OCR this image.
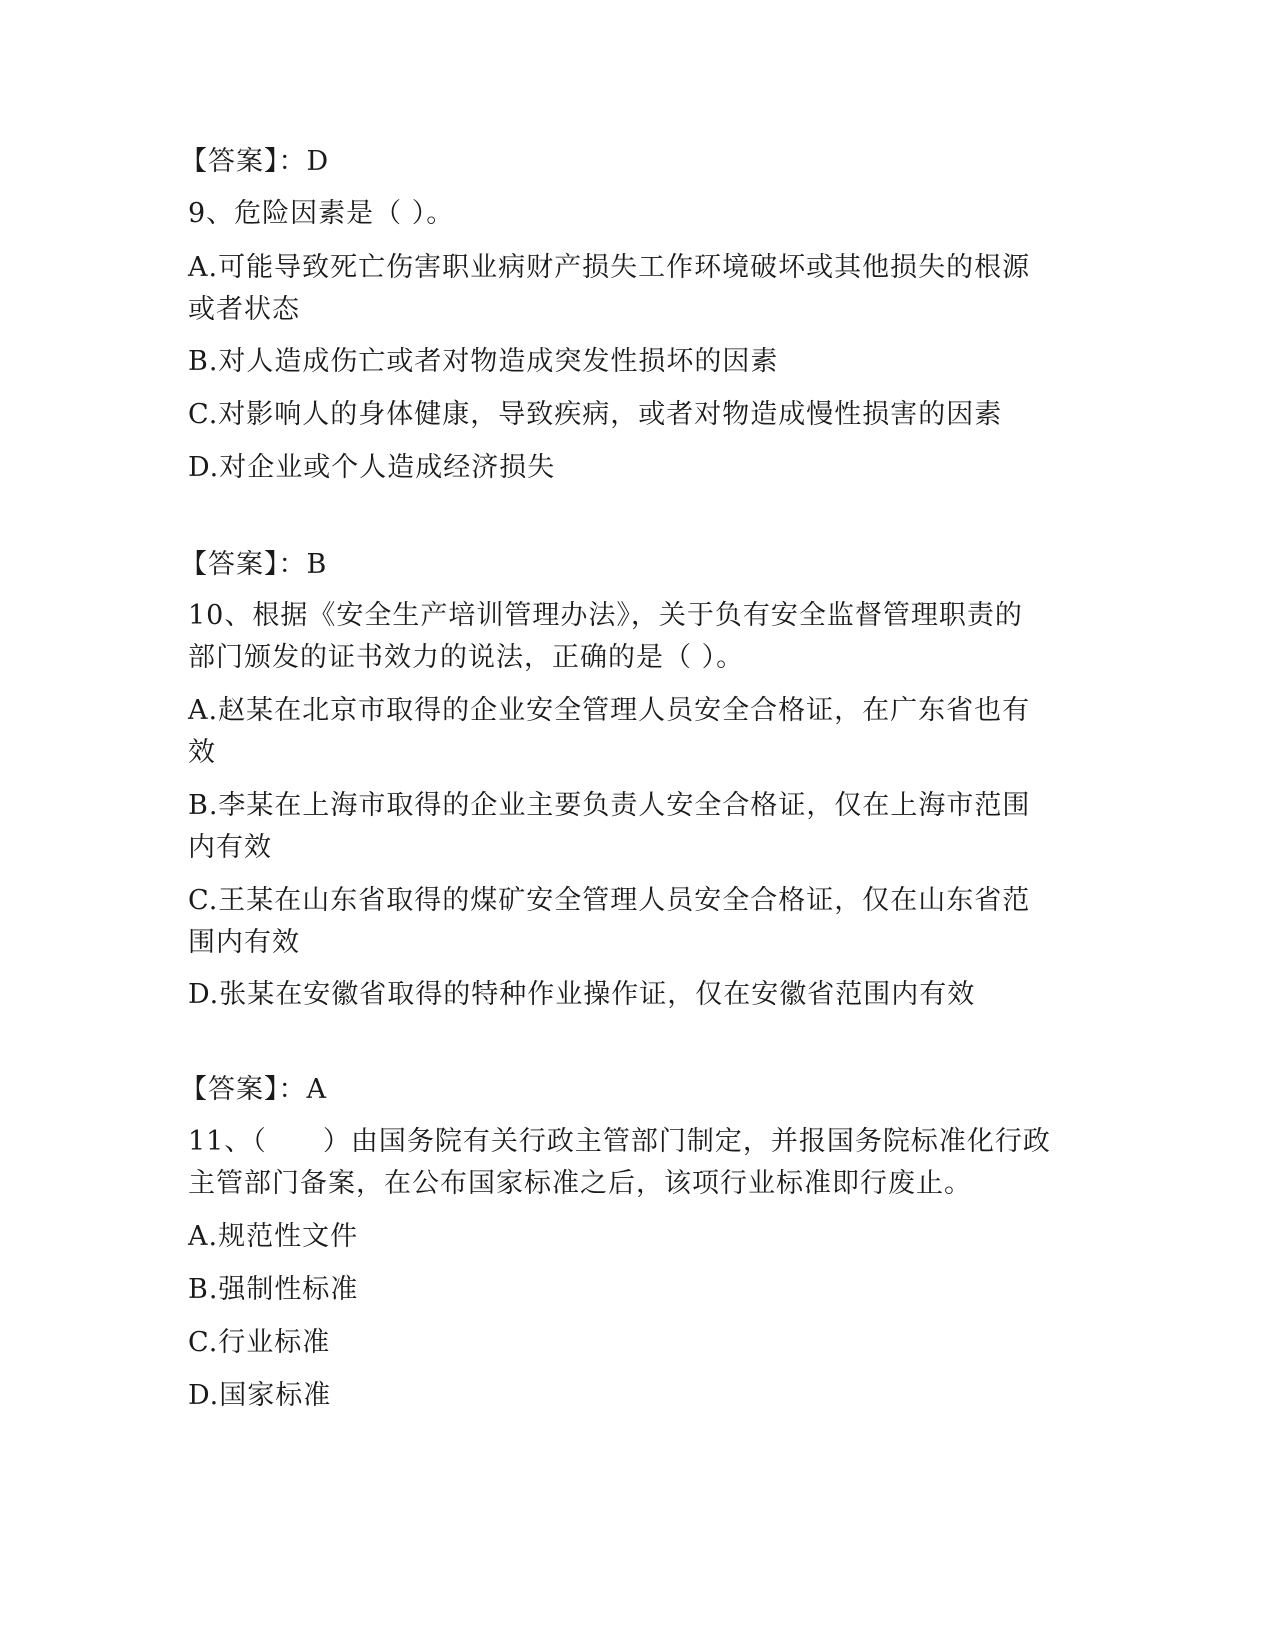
【答案】：D
9、危险因素是（ ）。
A.可能导致死亡伤害职业病财产损失工作环境破坏或其他损失的根源
或者状态
B.对人造成伤亡或者对物造成突发性损坏的因素
C.对影响人的身体健康，导致疾病，或者对物造成慢性损害的因素
D.对企业或个人造成经济损失
【答案】：B
10、根据《安全生产培训管理办法》，关于负有安全监督管理职责的
部门颁发的证书效力的说法，正确的是（ ）。
A.赵某在北京市取得的企业安全管理人员安全合格证，在广东省也有
效
B.李某在上海市取得的企业主要负责人安全合格证，仅在上海市范围
内有效
C.王某在山东省取得的煤矿安全管理人员安全合格证，仅在山东省范
围内有效
D.张某在安徽省取得的特种作业操作证，仅在安徽省范围内有效
【答案】：A
11、（　　）由国务院有关行政主管部门制定，并报国务院标准化行政
主管部门备案，在公布国家标准之后，该项行业标准即行废止。
A.规范性文件
B.强制性标准
C.行业标准
D.国家标准
